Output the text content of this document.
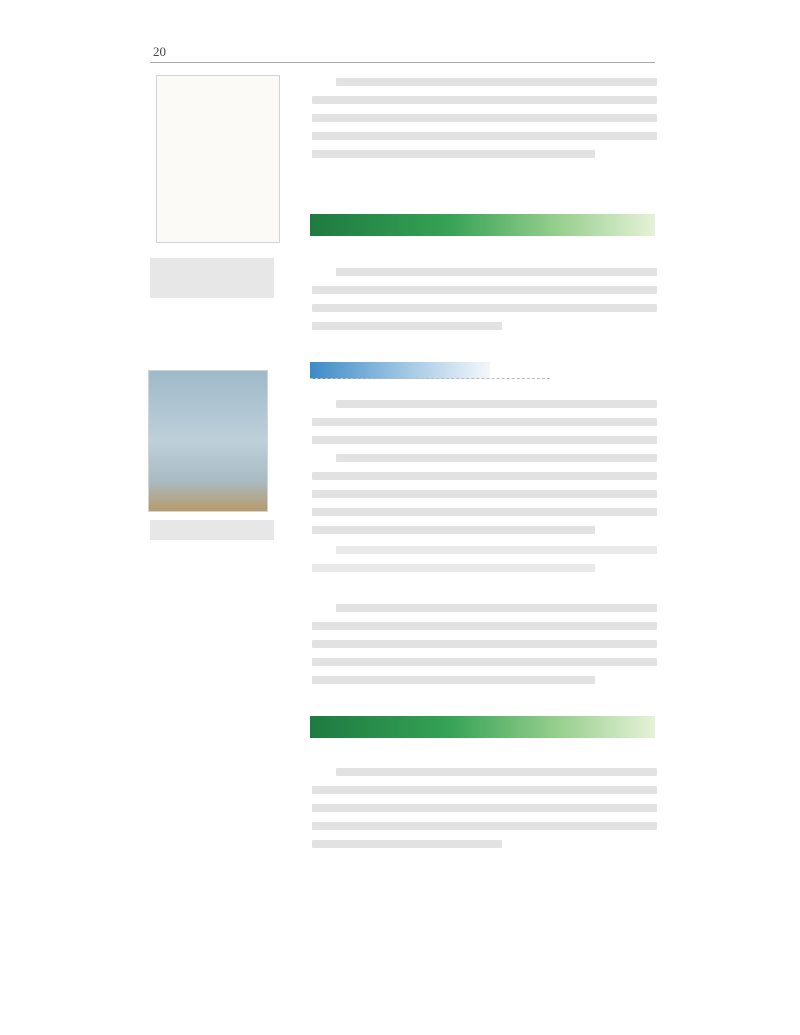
20
